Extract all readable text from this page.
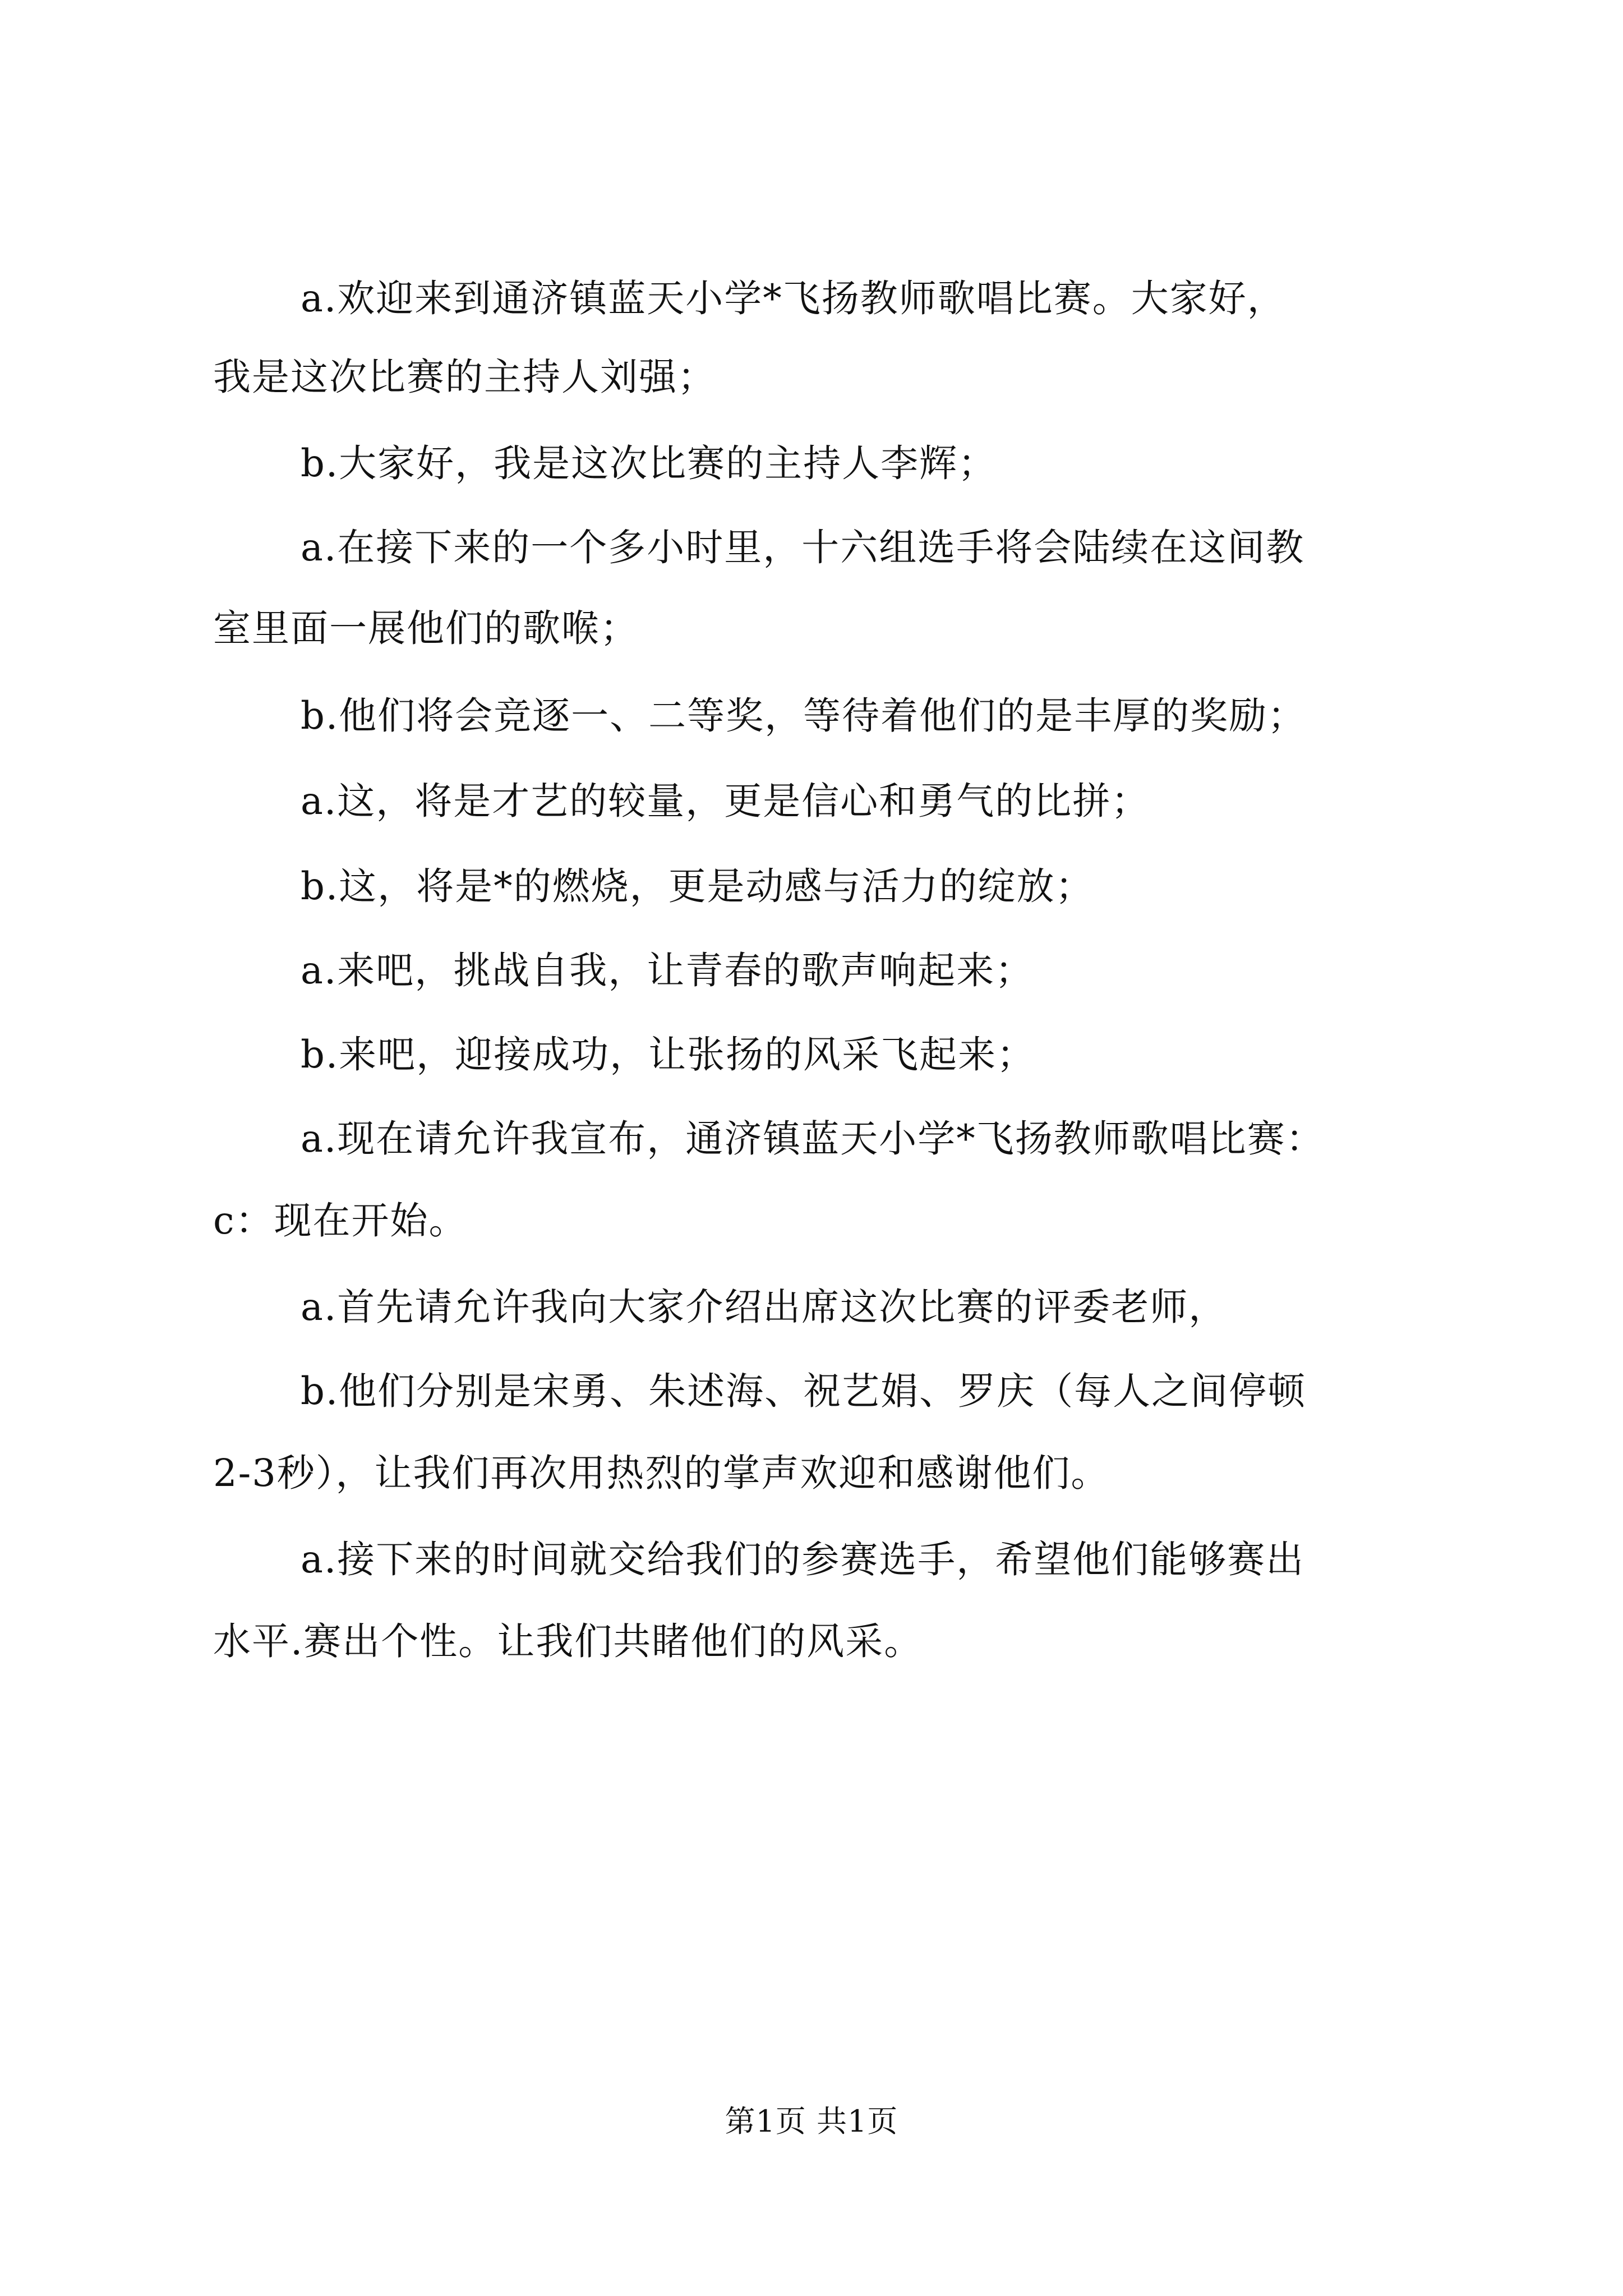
a.欢迎来到通济镇蓝天小学*飞扬教师歌唱比赛。大家好，
我是这次比赛的主持人刘强；
b.大家好，我是这次比赛的主持人李辉；
a.在接下来的一个多小时里，十六组选手将会陆续在这间教
室里面一展他们的歌喉；
b.他们将会竞逐一、二等奖，等待着他们的是丰厚的奖励；
a.这，将是才艺的较量，更是信心和勇气的比拼；
b.这，将是*的燃烧，更是动感与活力的绽放；
a.来吧，挑战自我，让青春的歌声响起来；
b.来吧，迎接成功，让张扬的风采飞起来；
a.现在请允许我宣布，通济镇蓝天小学*飞扬教师歌唱比赛：
c：现在开始。
a.首先请允许我向大家介绍出席这次比赛的评委老师，
b.他们分别是宋勇、朱述海、祝艺娟、罗庆（每人之间停顿
2-3秒），让我们再次用热烈的掌声欢迎和感谢他们。
a.接下来的时间就交给我们的参赛选手，希望他们能够赛出
水平.赛出个性。让我们共睹他们的风采。
第1页 共1页
